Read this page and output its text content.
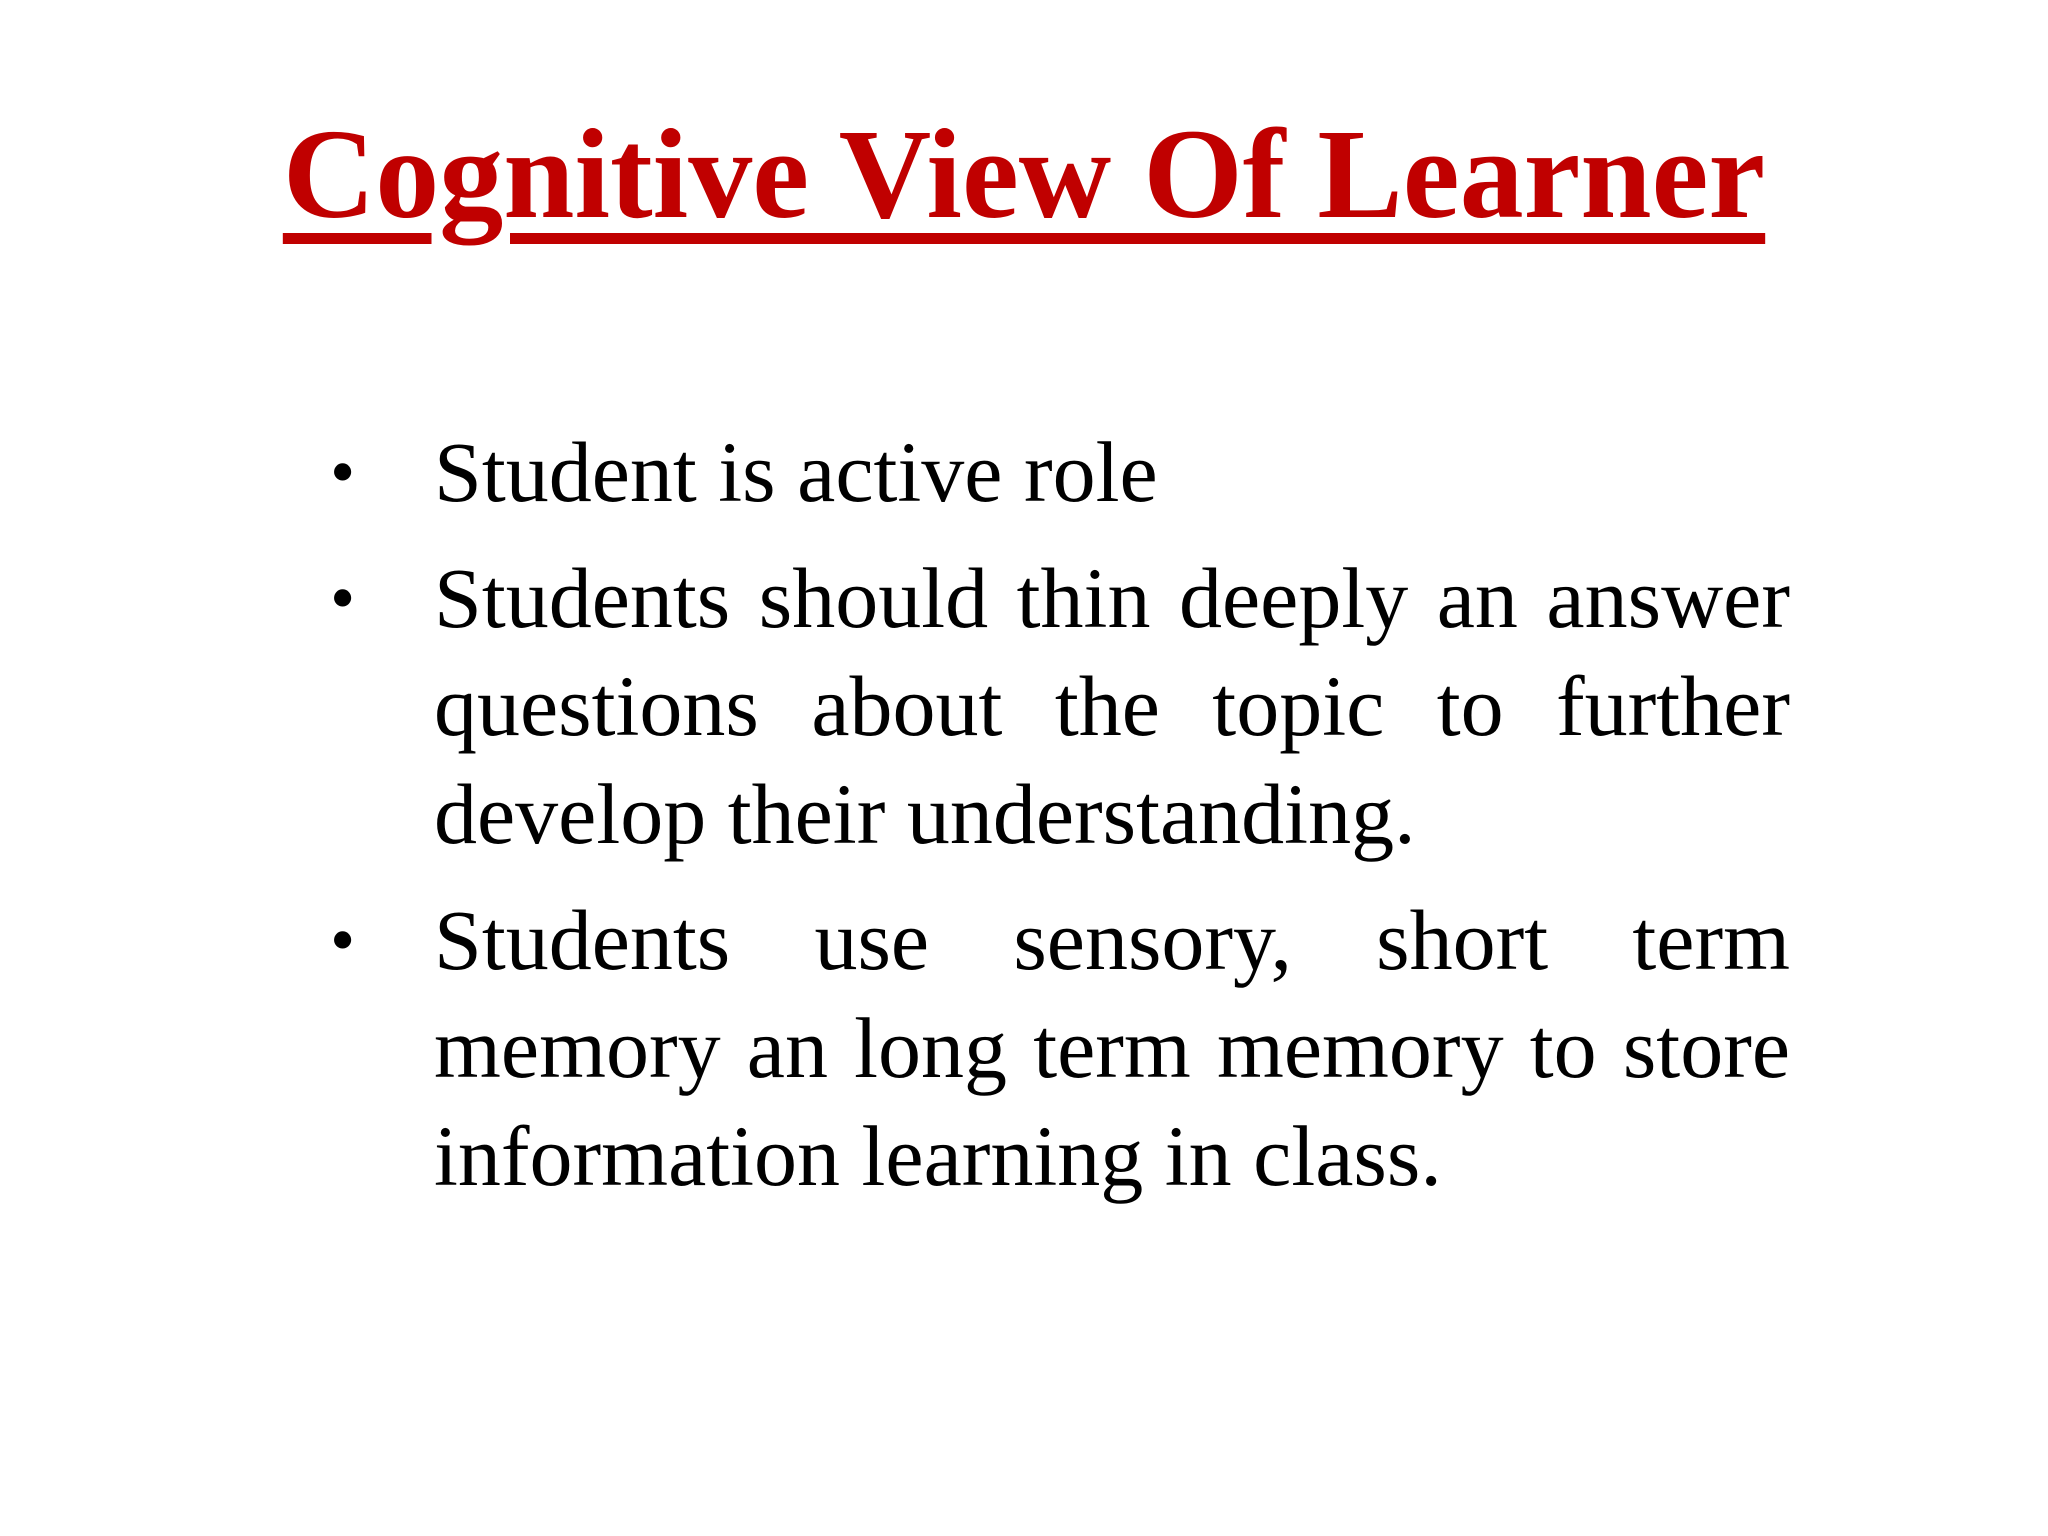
Cognitive View Of Learner
• Student is active role
• Students should thin deeply an answer questions about the topic to further develop their understanding.
• Students use sensory, short term memory an long term memory to store information learning in class.
